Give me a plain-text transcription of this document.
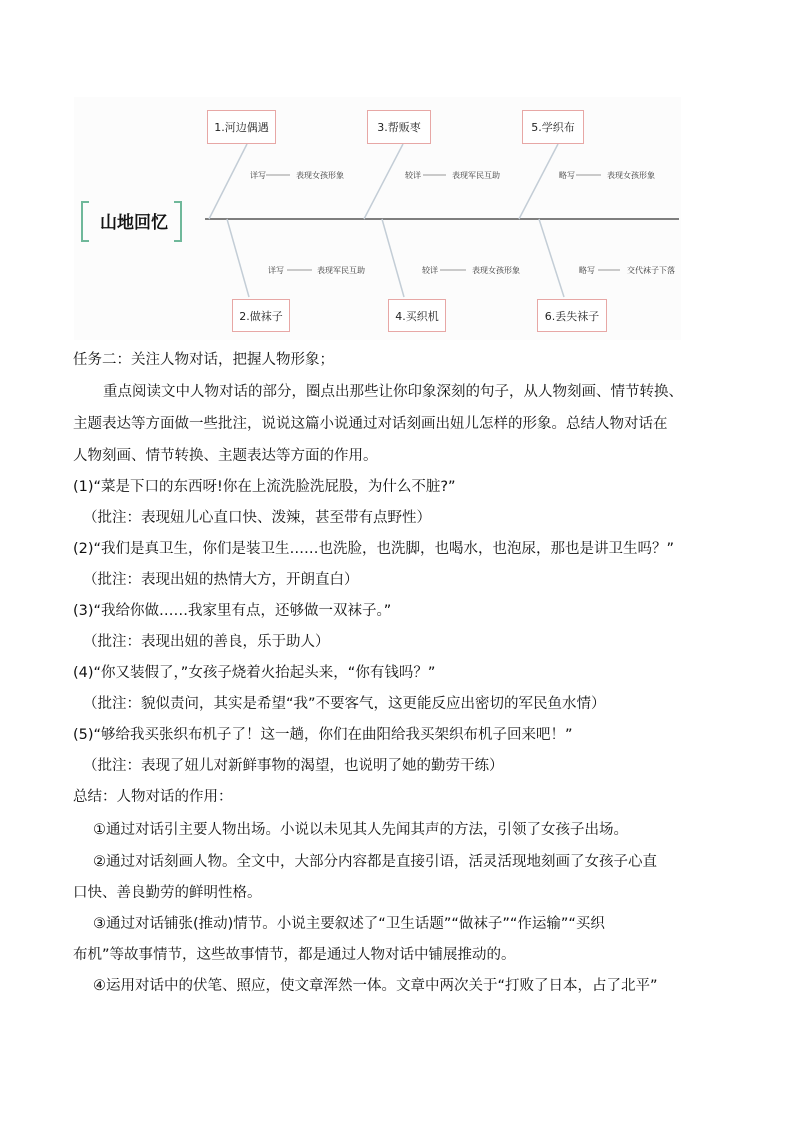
山地回忆
1.河边偶遇	3.帮贩枣	5.学织布
2.做袜子	4.买织机	6.丢失袜子
详写	表现女孩形象	较详	表现军民互助	略写	表现女孩形象
详写	表现军民互助	较详	表现女孩形象	略写	交代袜子下落
任务二：关注人物对话，把握人物形象；
重点阅读文中人物对话的部分，圈点出那些让你印象深刻的句子，从人物刻画、情节转换、
主题表达等方面做一些批注，说说这篇小说通过对话刻画出妞儿怎样的形象。总结人物对话在
人物刻画、情节转换、主题表达等方面的作用。
(1)“菜是下口的东西呀!你在上流洗脸洗屁股，为什么不脏?”
（批注：表现妞儿心直口快、泼辣，甚至带有点野性）
(2)“我们是真卫生，你们是装卫生……也洗脸，也洗脚，也喝水，也泡尿，那也是讲卫生吗？”
（批注：表现出妞的热情大方，开朗直白）
(3)“我给你做……我家里有点，还够做一双袜子。”
（批注：表现出妞的善良，乐于助人）
(4)“你又装假了，”女孩子烧着火抬起头来，“你有钱吗？”
（批注：貌似责问，其实是希望“我”不要客气，这更能反应出密切的军民鱼水情）
(5)“够给我买张织布机子了！这一趟，你们在曲阳给我买架织布机子回来吧！”
（批注：表现了妞儿对新鲜事物的渴望，也说明了她的勤劳干练）
总结：人物对话的作用：
①通过对话引主要人物出场。小说以未见其人先闻其声的方法，引领了女孩子出场。
②通过对话刻画人物。全文中，大部分内容都是直接引语，活灵活现地刻画了女孩子心直
口快、善良勤劳的鲜明性格。
③通过对话铺张(推动)情节。小说主要叙述了“卫生话题”“做袜子”“作运输”“买织
布机”等故事情节，这些故事情节，都是通过人物对话中铺展推动的。
④运用对话中的伏笔、照应，使文章浑然一体。文章中两次关于“打败了日本，占了北平”
